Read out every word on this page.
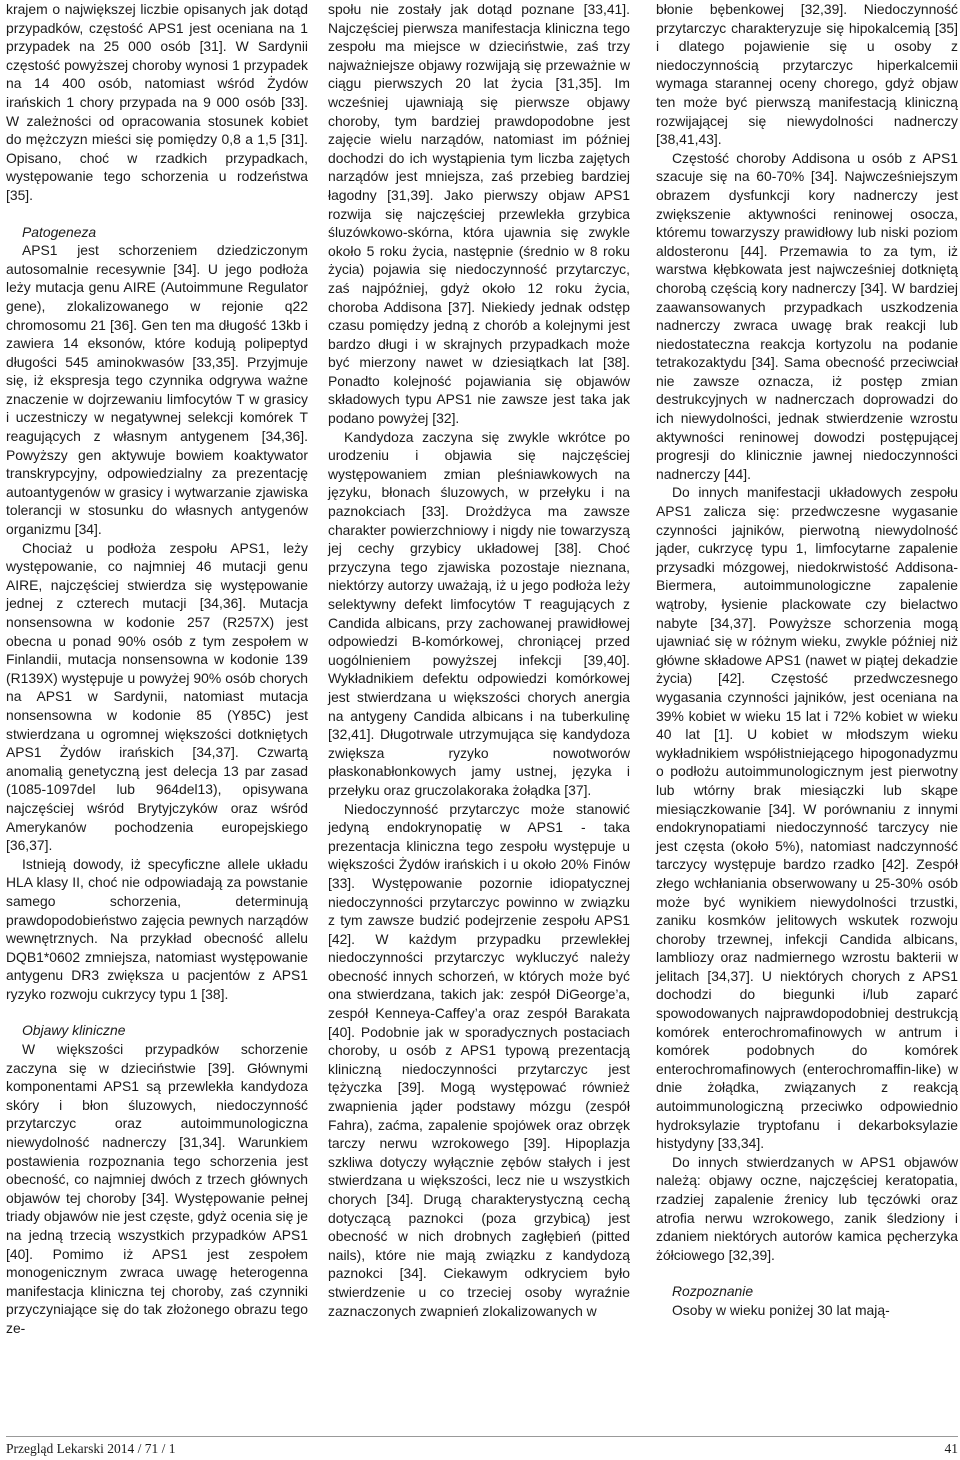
krajem o największej liczbie opisanych jak dotąd przypadków, częstość APS1 jest oceniana na 1 przypadek na 25 000 osób [31]. W Sardynii częstość powyższej choroby wynosi 1 przypadek na 14 400 osób, natomiast wśród Żydów irańskich 1 chory przypada na 9 000 osób [33]. W zależności od opracowania stosunek kobiet do mężczyzn mieści się pomiędzy 0,8 a 1,5 [31]. Opisano, choć w rzadkich przypadkach, występowanie tego schorzenia u rodzeństwa [35].

Patogeneza

APS1 jest schorzeniem dziedziczonym autosomalnie recesywnie [34]. U jego podłoża leży mutacja genu AIRE (Autoimmune Regulator gene), zlokalizowanego w rejonie q22 chromosomu 21 [36]. Gen ten ma długość 13kb i zawiera 14 eksonów, które kodują polipeptyd długości 545 aminokwasów [33,35]. Przyjmuje się, iż ekspresja tego czynnika odgrywa ważne znaczenie w dojrzewaniu limfocytów T w grasicy i uczestniczy w negatywnej selekcji komórek T reagujących z własnym antygenem [34,36]. Powyższy gen aktywuje bowiem koaktywator transkrypcyjny, odpowiedzialny za prezentację autoantygenów w grasicy i wytwarzanie zjawiska tolerancji w stosunku do własnych antygenów organizmu [34].

Chociaż u podłoża zespołu APS1, leży występowanie, co najmniej 46 mutacji genu AIRE, najczęściej stwierdza się występowanie jednej z czterech mutacji [34,36]. Mutacja nonsensowna w kodonie 257 (R257X) jest obecna u ponad 90% osób z tym zespołem w Finlandii, mutacja nonsensowna w kodonie 139 (R139X) występuje u powyżej 90% osób chorych na APS1 w Sardynii, natomiast mutacja nonsensowna w kodonie 85 (Y85C) jest stwierdzana u ogromnej większości dotkniętych APS1 Żydów irańskich [34,37]. Czwartą anomalią genetyczną jest delecja 13 par zasad (1085-1097del lub 964del13), opisywana najczęściej wśród Brytyjczyków oraz wśród Amerykanów pochodzenia europejskiego [36,37].

Istnieją dowody, iż specyficzne allele układu HLA klasy II, choć nie odpowiadają za powstanie samego schorzenia, determinują prawdopodobieństwo zajęcia pewnych narządów wewnętrznych. Na przykład obecność allelu DQB1*0602 zmniejsza, natomiast występowanie antygenu DR3 zwiększa u pacjentów z APS1 ryzyko rozwoju cukrzycy typu 1 [38].

Objawy kliniczne

W większości przypadków schorzenie zaczyna się w dzieciństwie [39]. Głównymi komponentami APS1 są przewlekła kandydoza skóry i błon śluzowych, niedoczynność przytarczyc oraz autoimmunologiczna niewydolność nadnerczy [31,34]. Warunkiem postawienia rozpoznania tego schorzenia jest obecność, co najmniej dwóch z trzech głównych objawów tej choroby [34]. Występowanie pełnej triady objawów nie jest częste, gdyż ocenia się je na jedną trzecią wszystkich przypadków APS1 [40]. Pomimo iż APS1 jest zespołem monogenicznym zwraca uwagę heterogenna manifestacja kliniczna tej choroby, zaś czynniki przyczyniające się do tak złożonego obrazu tego ze-

społu nie zostały jak dotąd poznane [33,41]. Najczęściej pierwsza manifestacja kliniczna tego zespołu ma miejsce w dzieciństwie, zaś trzy najważniejsze objawy rozwijają się przeważnie w ciągu pierwszych 20 lat życia [31,35]. Im wcześniej ujawniają się pierwsze objawy choroby, tym bardziej prawdopodobne jest zajęcie wielu narządów, natomiast im później dochodzi do ich wystąpienia tym liczba zajętych narządów jest mniejsza, zaś przebieg bardziej łagodny [31,39]. Jako pierwszy objaw APS1 rozwija się najczęściej przewlekła grzybica śluzówkowo-skórna, która ujawnia się zwykle około 5 roku życia, następnie (średnio w 8 roku życia) pojawia się niedoczynność przytarczyc, zaś najpóźniej, gdyż około 12 roku życia, choroba Addisona [37]. Niekiedy jednak odstęp czasu pomiędzy jedną z chorób a kolejnymi jest bardzo długi i w skrajnych przypadkach może być mierzony nawet w dziesiątkach lat [38]. Ponadto kolejność pojawiania się objawów składowych typu APS1 nie zawsze jest taka jak podano powyżej [32].

Kandydoza zaczyna się zwykle wkrótce po urodzeniu i objawia się najczęściej występowaniem zmian pleśniawkowych na języku, błonach śluzowych, w przełyku i na paznokciach [33]. Drożdżyca ma zawsze charakter powierzchniowy i nigdy nie towarzyszą jej cechy grzybicy układowej [38]. Choć przyczyna tego zjawiska pozostaje nieznana, niektórzy autorzy uważają, iż u jego podłoża leży selektywny defekt limfocytów T reagujących z Candida albicans, przy zachowanej prawidłowej odpowiedzi B-komórkowej, chroniącej przed uogólnieniem powyższej infekcji [39,40]. Wykładnikiem defektu odpowiedzi komórkowej jest stwierdzana u większości chorych anergia na antygeny Candida albicans i na tuberkulinę [32,41]. Długotrwale utrzymująca się kandydoza zwiększa ryzyko nowotworów płaskonabłonkowych jamy ustnej, języka i przełyku oraz gruczolakoraka żołądka [37].

Niedoczynność przytarczyc może stanowić jedyną endokrynopatię w APS1 - taka prezentacja kliniczna tego zespołu występuje u większości Żydów irańskich i u około 20% Finów [33]. Występowanie pozornie idiopatycznej niedoczynności przytarczyc powinno w związku z tym zawsze budzić podejrzenie zespołu APS1 [42]. W każdym przypadku przewlekłej niedoczynności przytarczyc wykluczyć należy obecność innych schorzeń, w których może być ona stwierdzana, takich jak: zespół DiGeorge’a, zespół Kenneya-Caffey’a oraz zespół Barakata [40]. Podobnie jak w sporadycznych postaciach choroby, u osób z APS1 typową prezentacją kliniczną niedoczynności przytarczyc jest tężyczka [39]. Mogą występować również zwapnienia jąder podstawy mózgu (zespół Fahra), zaćma, zapalenie spojówek oraz obrzęk tarczy nerwu wzrokowego [39]. Hipoplazja szkliwa dotyczy wyłącznie zębów stałych i jest stwierdzana u większości, lecz nie u wszystkich chorych [34]. Drugą charakterystyczną cechą dotyczącą paznokci (poza grzybicą) jest obecność w nich drobnych zagłębień (pitted nails), które nie mają związku z kandydozą paznokci [34]. Ciekawym odkryciem było stwierdzenie u co trzeciej osoby wyraźnie zaznaczonych zwapnień zlokalizowanych w

błonie bębenkowej [32,39]. Niedoczynność przytarczyc charakteryzuje się hipokalcemią [35] i dlatego pojawienie się u osoby z niedoczynnością przytarczyc hiperkalcemii wymaga starannej oceny chorego, gdyż objaw ten może być pierwszą manifestacją kliniczną rozwijającej się niewydolności nadnerczy [38,41,43].

Częstość choroby Addisona u osób z APS1 szacuje się na 60-70% [34]. Najwcześniejszym obrazem dysfunkcji kory nadnerczy jest zwiększenie aktywności reninowej osocza, któremu towarzyszy prawidłowy lub niski poziom aldosteronu [44]. Przemawia to za tym, iż warstwa kłębkowata jest najwcześniej dotkniętą chorobą częścią kory nadnerczy [34]. W bardziej zaawansowanych przypadkach uszkodzenia nadnerczy zwraca uwagę brak reakcji lub niedostateczna reakcja kortyzolu na podanie tetrakozaktydu [34]. Sama obecność przeciwciał nie zawsze oznacza, iż postęp zmian destrukcyjnych w nadnerczach doprowadzi do ich niewydolności, jednak stwierdzenie wzrostu aktywności reninowej dowodzi postępującej progresji do klinicznie jawnej niedoczynności nadnerczy [44].

Do innych manifestacji układowych zespołu APS1 zalicza się: przedwczesne wygasanie czynności jajników, pierwotną niewydolność jąder, cukrzycę typu 1, limfocytarne zapalenie przysadki mózgowej, niedokrwistość Addisona-Biermera, autoimmunologiczne zapalenie wątroby, łysienie plackowate czy bielactwo nabyte [34,37]. Powyższe schorzenia mogą ujawniać się w różnym wieku, zwykle później niż główne składowe APS1 (nawet w piątej dekadzie życia) [42]. Częstość przedwczesnego wygasania czynności jajników, jest oceniana na 39% kobiet w wieku 15 lat i 72% kobiet w wieku 40 lat [1]. U kobiet w młodszym wieku wykładnikiem współistniejącego hipogonadyzmu o podłożu autoimmunologicznym jest pierwotny lub wtórny brak miesiączki lub skąpe miesiączkowanie [34]. W porównaniu z innymi endokrynopatiami niedoczynność tarczycy nie jest częsta (około 5%), natomiast nadczynność tarczycy występuje bardzo rzadko [42]. Zespół złego wchłaniania obserwowany u 25-30% osób może być wynikiem niewydolności trzustki, zaniku kosmków jelitowych wskutek rozwoju choroby trzewnej, infekcji Candida albicans, lambliozy oraz nadmiernego wzrostu bakterii w jelitach [34,37]. U niektórych chorych z APS1 dochodzi do biegunki i/lub zaparć spowodowanych najprawdopodobniej destrukcją komórek enterochromafinowych w antrum i komórek podobnych do komórek enterochromafinowych (enterochromaffin-like) w dnie żołądka, związanych z reakcją autoimmunologiczną przeciwko odpowiednio hydroksylazie tryptofanu i dekarboksylazie histydyny [33,34].

Do innych stwierdzanych w APS1 objawów należą: objawy oczne, najczęściej keratopatia, rzadziej zapalenie źrenicy lub tęczówki oraz atrofia nerwu wzrokowego, zanik śledziony i zdaniem niektórych autorów kamica pęcherzyka żółciowego [32,39].

Rozpoznanie

Osoby w wieku poniżej 30 lat mają-

Przegląd Lekarski 2014 / 71 / 1	41
